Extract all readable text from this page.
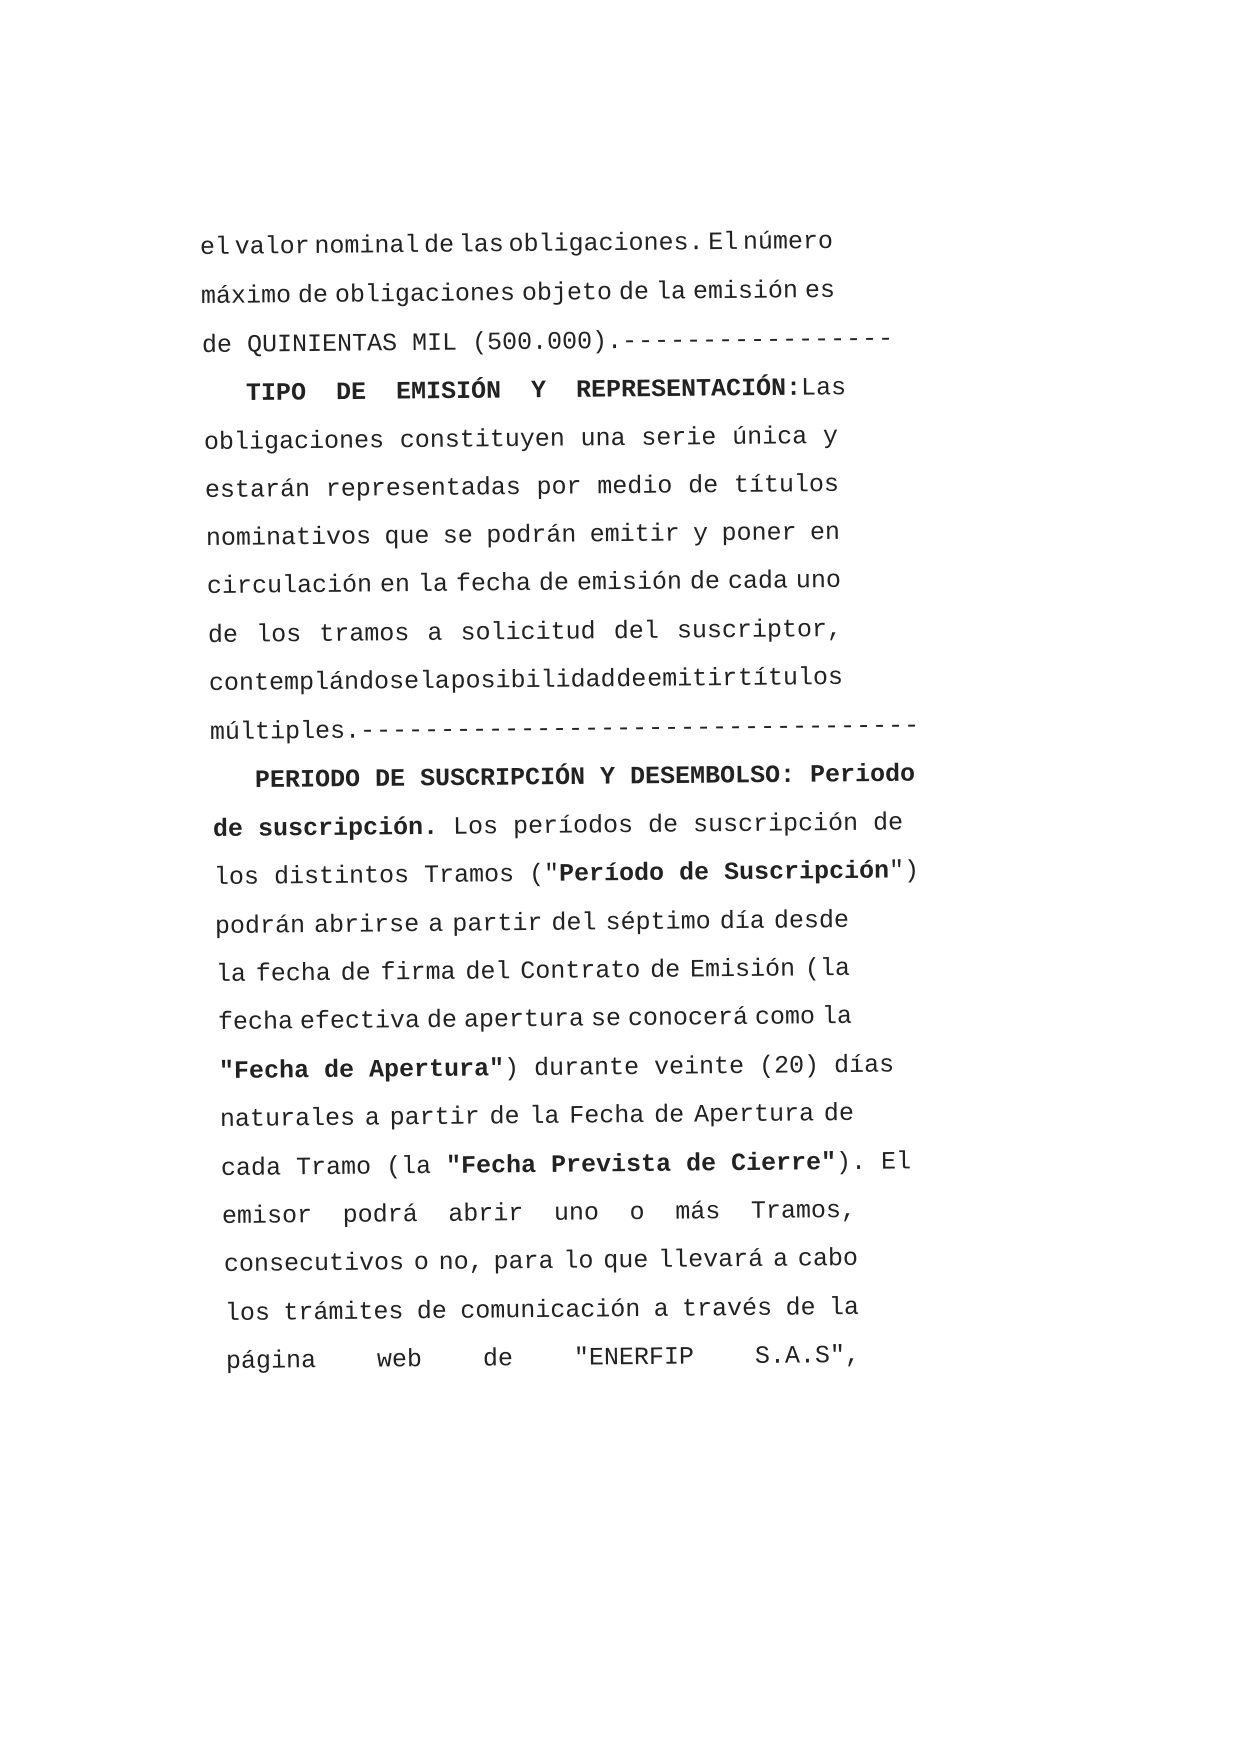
el valor nominal de las obligaciones. El número
máximo de obligaciones objeto de la emisión es
de QUINIENTAS MIL (500.000).-----------------
TIPO  DE  EMISIÓN  Y  REPRESENTACIÓN: Las
obligaciones constituyen una serie única y
estarán representadas por medio de títulos
nominativos que se podrán emitir y poner en
circulación en la fecha de emisión de cada uno
de los tramos a solicitud del suscriptor,
contemplándose la posibilidad de emitir títulos
múltiples.-----------------------------------
PERIODO DE SUSCRIPCIÓN Y DESEMBOLSO: Periodo
de suscripción. Los períodos de suscripción de
los distintos Tramos ("Período de Suscripción")
podrán abrirse a partir del séptimo día desde
la fecha de firma del Contrato de Emisión (la
fecha efectiva de apertura se conocerá como la
"Fecha de Apertura") durante veinte (20) días
naturales a partir de la Fecha de Apertura de
cada Tramo (la "Fecha Prevista de Cierre"). El
emisor podrá abrir uno o más Tramos,
consecutivos o no, para lo que llevará a cabo
los trámites de comunicación a través de la
página web de "ENERFIP S.A.S",
